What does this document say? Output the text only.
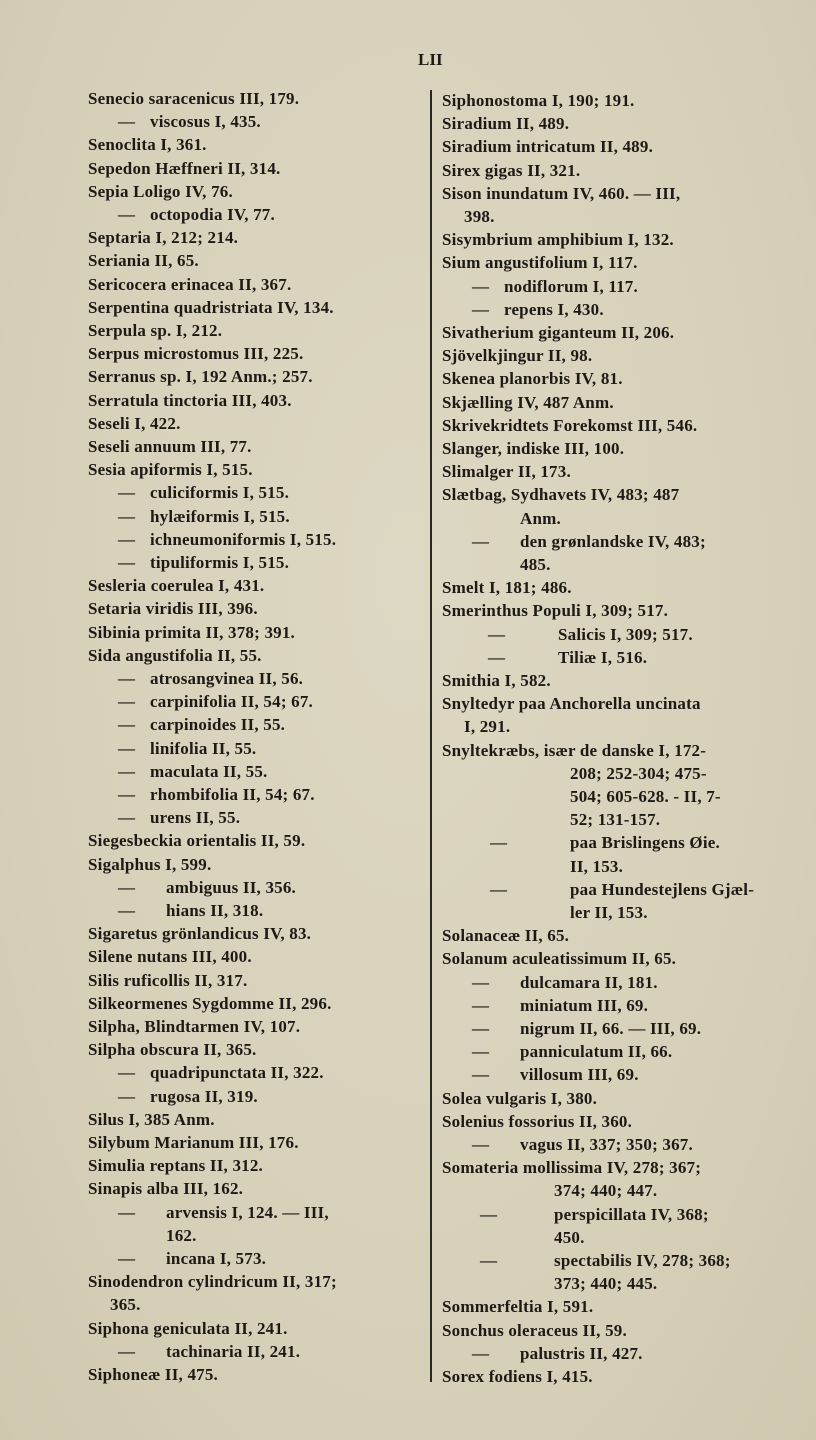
LII
Senecio saracenicus III, 179.
— viscosus I, 435.
Senoclita I, 361.
Sepedon Hæffneri II, 314.
Sepia Loligo IV, 76.
— octopodia IV, 77.
Septaria I, 212; 214.
Seriania II, 65.
Sericocera erinacea II, 367.
Serpentina quadristriata IV, 134.
Serpula sp. I, 212.
Serpus microstomus III, 225.
Serranus sp. I, 192 Anm.; 257.
Serratula tinctoria III, 403.
Seseli I, 422.
Seseli annuum III, 77.
Sesia apiformis I, 515.
— culiciformis I, 515.
— hylæiformis I, 515.
— ichneumoniformis I, 515.
— tipuliformis I, 515.
Sesleria coerulea I, 431.
Setaria viridis III, 396.
Sibinia primita II, 378; 391.
Sida angustifolia II, 55.
— atrosangvinea II, 56.
— carpinifolia II, 54; 67.
— carpinoides II, 55.
— linifolia II, 55.
— maculata II, 55.
— rhombifolia II, 54; 67.
— urens II, 55.
Siegesbeckia orientalis II, 59.
Sigalphus I, 599.
— ambiguus II, 356.
— hians II, 318.
Sigaretus grönlandicus IV, 83.
Silene nutans III, 400.
Silis ruficollis II, 317.
Silkeormenes Sygdomme II, 296.
Silpha, Blindtarmen IV, 107.
Silpha obscura II, 365.
— quadripunctata II, 322.
— rugosa II, 319.
Silus I, 385 Anm.
Silybum Marianum III, 176.
Simulia reptans II, 312.
Sinapis alba III, 162.
— arvensis I, 124. — III,
162.
— incana I, 573.
Sinodendron cylindricum II, 317;
365.
Siphona geniculata II, 241.
— tachinaria II, 241.
Siphoneæ II, 475.
Siphonostoma I, 190; 191.
Siradium II, 489.
Siradium intricatum II, 489.
Sirex gigas II, 321.
Sison inundatum IV, 460. — III,
398.
Sisymbrium amphibium I, 132.
Sium angustifolium I, 117.
— nodiflorum I, 117.
— repens I, 430.
Sivatherium giganteum II, 206.
Sjövelkjingur II, 98.
Skenea planorbis IV, 81.
Skjælling IV, 487 Anm.
Skrivekridtets Forekomst III, 546.
Slanger, indiske III, 100.
Slimalger II, 173.
Slætbag, Sydhavets IV, 483; 487
Anm.
— den grønlandske IV, 483;
485.
Smelt I, 181; 486.
Smerinthus Populi I, 309; 517.
—	Salicis I, 309; 517.
—	Tiliæ I, 516.
Smithia I, 582.
Snyltedyr paa Anchorella uncinata
I, 291.
Snyltekræbs, især de danske I, 172-
208; 252-304; 475-
504; 605-628. - II, 7-
52; 131-157.
—	paa Brislingens Øie.
II, 153.
—	paa Hundestejlens Gjæl-
ler II, 153.
Solanaceæ II, 65.
Solanum aculeatissimum II, 65.
— dulcamara II, 181.
— miniatum III, 69.
— nigrum II, 66. — III, 69.
— panniculatum II, 66.
— villosum III, 69.
Solea vulgaris I, 380.
Solenius fossorius II, 360.
— vagus II, 337; 350; 367.
Somateria mollissima IV, 278; 367;
374; 440; 447.
—	perspicillata IV, 368;
450.
—	spectabilis IV, 278; 368;
373; 440; 445.
Sommerfeltia I, 591.
Sonchus oleraceus II, 59.
— palustris II, 427.
Sorex fodiens I, 415.
